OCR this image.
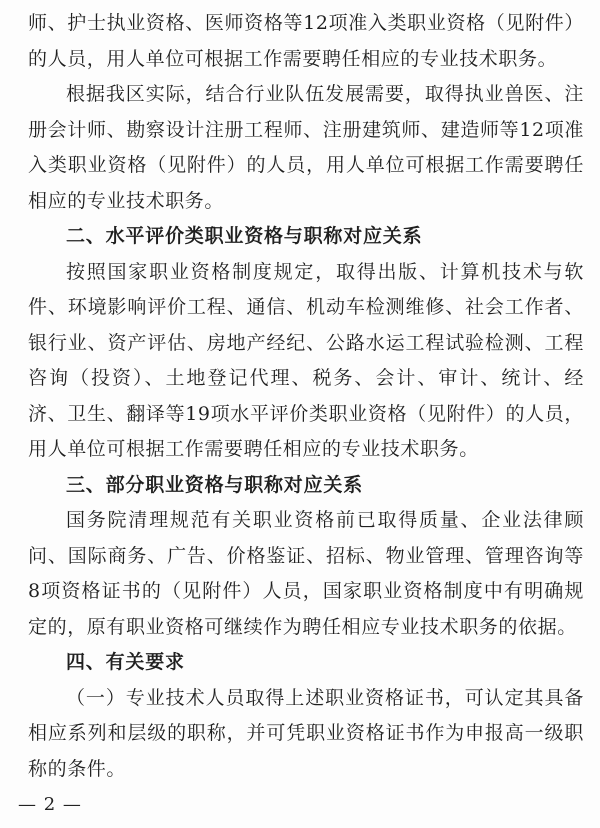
师、护士执业资格、医师资格等12项准入类职业资格（见附件）的人员，用人单位可根据工作需要聘任相应的专业技术职务。

根据我区实际，结合行业队伍发展需要，取得执业兽医、注册会计师、勘察设计注册工程师、注册建筑师、建造师等12项准入类职业资格（见附件）的人员，用人单位可根据工作需要聘任相应的专业技术职务。

二、水平评价类职业资格与职称对应关系

按照国家职业资格制度规定，取得出版、计算机技术与软件、环境影响评价工程、通信、机动车检测维修、社会工作者、银行业、资产评估、房地产经纪、公路水运工程试验检测、工程咨询（投资）、土地登记代理、税务、会计、审计、统计、经济、卫生、翻译等19项水平评价类职业资格（见附件）的人员，用人单位可根据工作需要聘任相应的专业技术职务。

三、部分职业资格与职称对应关系

国务院清理规范有关职业资格前已取得质量、企业法律顾问、国际商务、广告、价格鉴证、招标、物业管理、管理咨询等8项资格证书的（见附件）人员，国家职业资格制度中有明确规定的，原有职业资格可继续作为聘任相应专业技术职务的依据。

四、有关要求

（一）专业技术人员取得上述职业资格证书，可认定其具备相应系列和层级的职称，并可凭职业资格证书作为申报高一级职称的条件。

— 2 —
